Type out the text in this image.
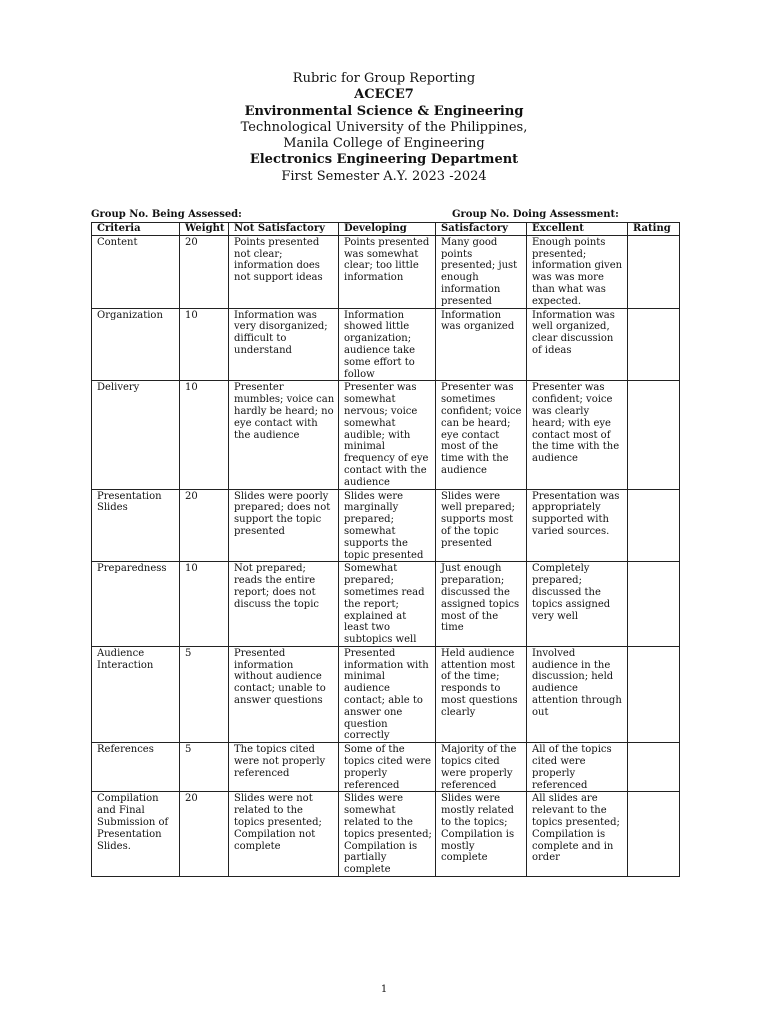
Rubric for Group Reporting
ACECE7
Environmental Science & Engineering
Technological University of the Philippines,
Manila College of Engineering
Electronics Engineering Department
First Semester A.Y. 2023 -2024
Group No. Being Assessed:	Group No. Doing Assessment:
Criteria	Weight	Not Satisfactory	Developing	Satisfactory	Excellent	Rating
Content	20	Points presented not clear; information does not support ideas	Points presented was somewhat clear; too little information	Many good points presented; just enough information presented	Enough points presented; information given was was more than what was expected.	
Organization	10	Information was very disorganized; difficult to understand	Information showed little organization; audience take some effort to follow	Information was organized	Information was well organized, clear discussion of ideas	
Delivery	10	Presenter mumbles; voice can hardly be heard; no eye contact with the audience	Presenter was somewhat nervous; voice somewhat audible; with minimal frequency of eye contact with the audience	Presenter was sometimes confident; voice can be heard; eye contact most of the time with the audience	Presenter was confident; voice was clearly heard; with eye contact most of the time with the audience	
Presentation Slides	20	Slides were poorly prepared; does not support the topic presented	Slides were marginally prepared; somewhat supports the topic presented	Slides were well prepared; supports most of the topic presented	Presentation was appropriately supported with varied sources.	
Preparedness	10	Not prepared; reads the entire report; does not discuss the topic	Somewhat prepared; sometimes read the report; explained at least two subtopics well	Just enough preparation; discussed the assigned topics most of the time	Completely prepared; discussed the topics assigned very well	
Audience Interaction	5	Presented information without audience contact; unable to answer questions	Presented information with minimal audience contact; able to answer one question correctly	Held audience attention most of the time; responds to most questions clearly	Involved audience in the discussion; held audience attention through out	
References	5	The topics cited were not properly referenced	Some of the topics cited were properly referenced	Majority of the topics cited were properly referenced	All of the topics cited were properly referenced	
Compilation and Final Submission of Presentation Slides.	20	Slides were not related to the topics presented; Compilation not complete	Slides were somewhat related to the topics presented; Compilation is partially complete	Slides were mostly related to the topics; Compilation is mostly complete	All slides are relevant to the topics presented; Compilation is complete and in order	
1
